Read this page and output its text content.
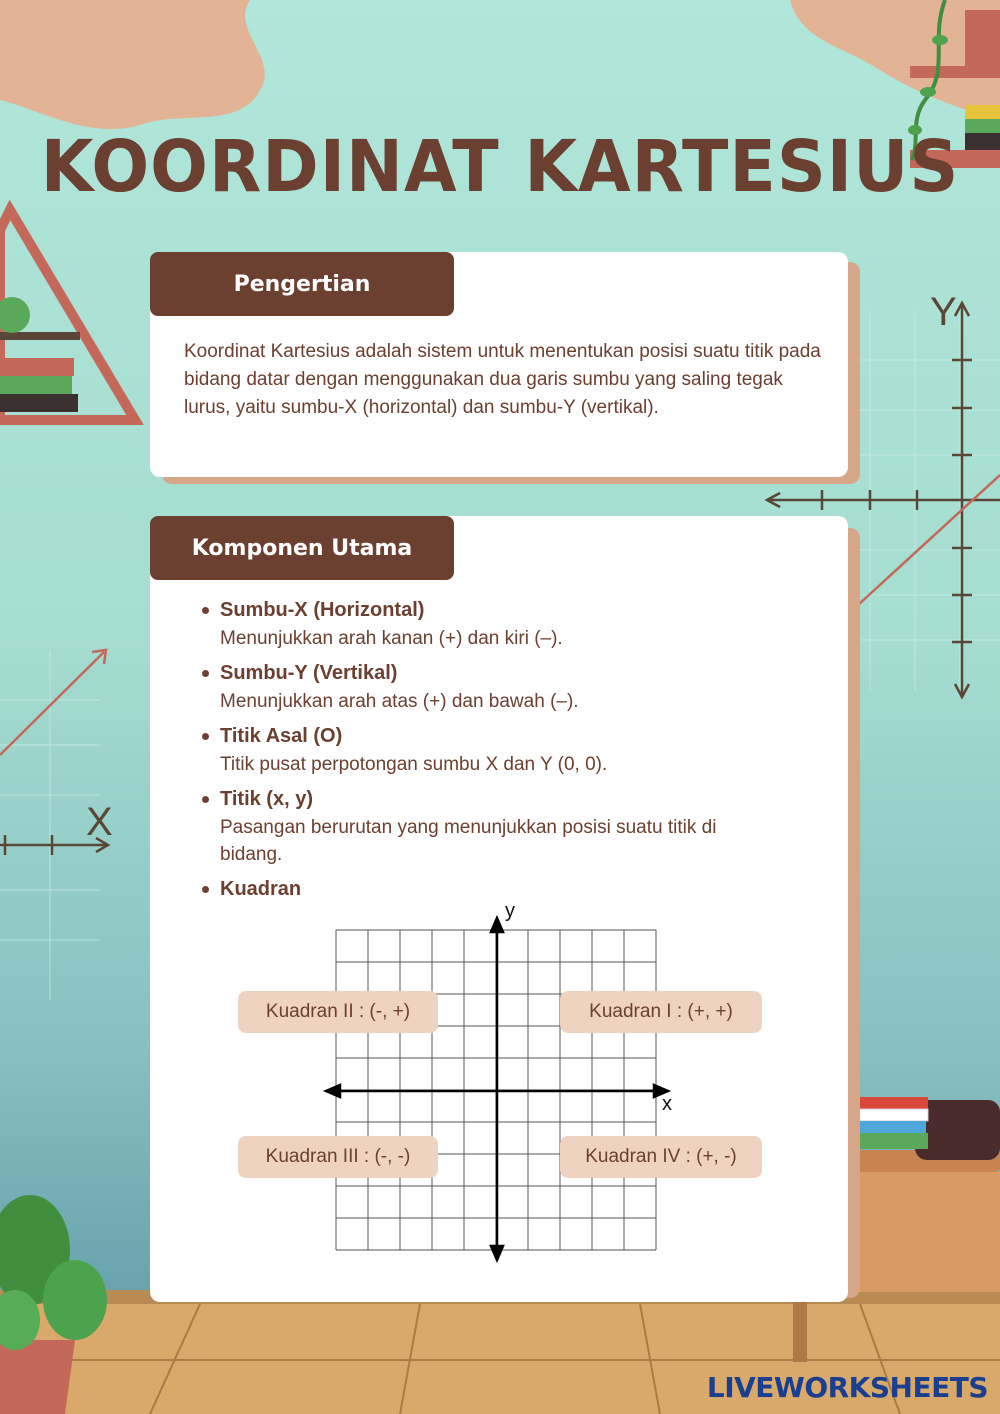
KOORDINAT KARTESIUS
Pengertian
Koordinat Kartesius adalah sistem untuk menentukan posisi suatu titik pada bidang datar dengan menggunakan dua garis sumbu yang saling tegak lurus, yaitu sumbu-X (horizontal) dan sumbu-Y (vertikal).
Komponen Utama
Sumbu-X (Horizontal)
Menunjukkan arah kanan (+) dan kiri (–).
Sumbu-Y (Vertikal)
Menunjukkan arah atas (+) dan bawah (–).
Titik Asal (O)
Titik pusat perpotongan sumbu X dan Y (0, 0).
Titik (x, y)
Pasangan berurutan yang menunjukkan posisi suatu titik di bidang.
Kuadran
y
x
Kuadran II : (-, +)	Kuadran I : (+, +)
Kuadran III : (-, -)	Kuadran IV : (+, -)
Y
X
LIVEWORKSHEETS
